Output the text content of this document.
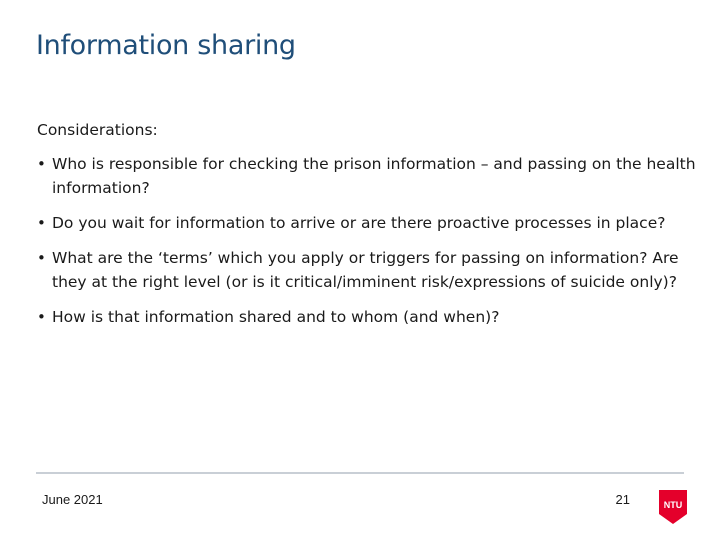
Information sharing
Considerations:
• Who is responsible for checking the prison information – and passing on the health information?
• Do you wait for information to arrive or are there proactive processes in place?
• What are the ‘terms’ which you apply or triggers for passing on information? Are they at the right level (or is it critical/imminent risk/expressions of suicide only)?
• How is that information shared and to whom (and when)?
June 2021	21	NTU
